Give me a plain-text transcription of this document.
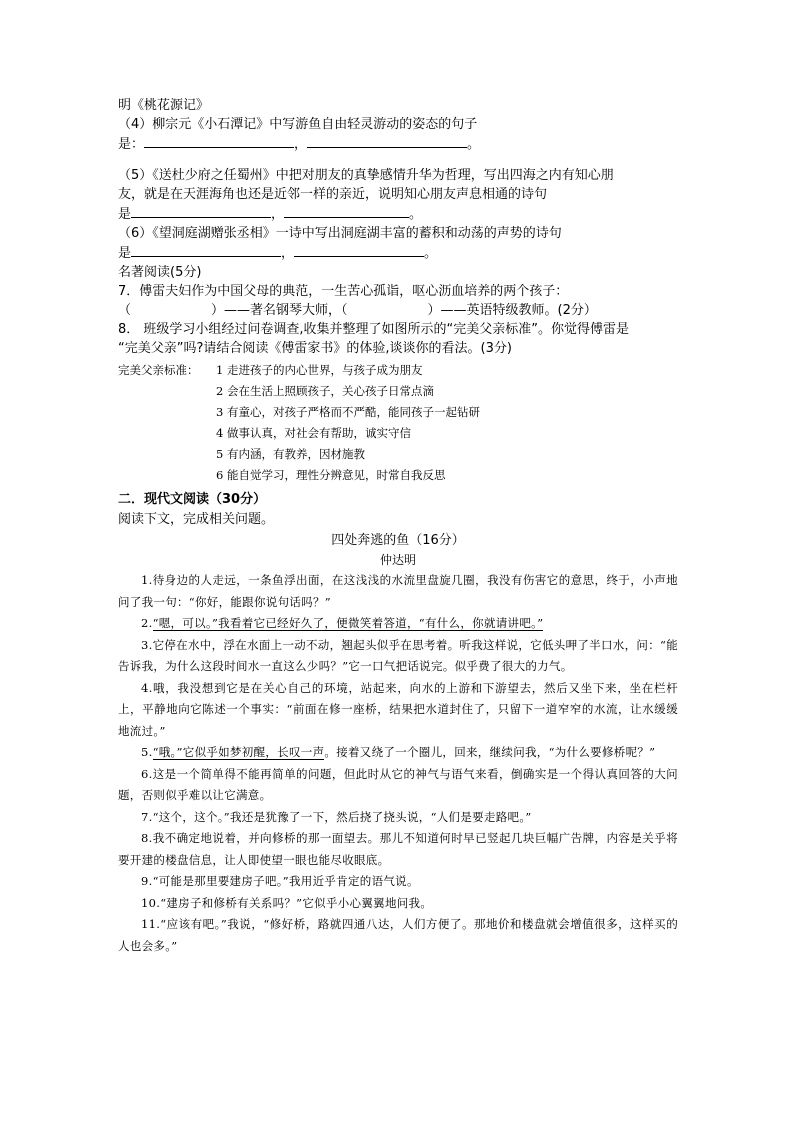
明《桃花源记》

（4）柳宗元《小石潭记》中写游鱼自由轻灵游动的姿态的句子

是：	，	。

（5）《送杜少府之任蜀州》中把对朋友的真挚感情升华为哲理，写出四海之内有知心朋

友，就是在天涯海角也还是近邻一样的亲近，说明知心朋友声息相通的诗句

是	，	。

（6）《望洞庭湖赠张丞相》一诗中写出洞庭湖丰富的蓄积和动荡的声势的诗句

是	，	。

名著阅读(5分)

7．傅雷夫妇作为中国父母的典范，一生苦心孤诣，呕心沥血培养的两个孩子：

（	）——著名钢琴大师，（	）——英语特级教师。(2分）

8． 班级学习小组经过问卷调查,收集并整理了如图所示的“完美父亲标准”。你觉得傅雷是

“完美父亲”吗?请结合阅读《傅雷家书》的体验,谈谈你的看法。(3分)

完美父亲标准：	1 走进孩子的内心世界，与孩子成为朋友
2 会在生活上照顾孩子，关心孩子日常点滴
3 有童心，对孩子严格而不严酷，能同孩子一起钻研
4 做事认真，对社会有帮助，诚实守信
5 有内涵，有教养，因材施教
6 能自觉学习，理性分辨意见，时常自我反思
二．现代文阅读（30分）

阅读下文，完成相关问题。

四处奔逃的鱼（16分）
仲达明

1.待身边的人走远，一条鱼浮出面，在这浅浅的水流里盘旋几圈，我没有伤害它的意思，终于，小声地问了我一句：“你好，能跟你说句话吗？”

2.“嗯，可以。”我看着它已经好久了，便微笑着答道，“有什么，你就请讲吧。”

3.它停在水中，浮在水面上一动不动，翘起头似乎在思考着。听我这样说，它低头呷了半口水，问：“能告诉我，为什么这段时间水一直这么少吗？”它一口气把话说完。似乎费了很大的力气。

4.哦，我没想到它是在关心自己的环境，站起来，向水的上游和下游望去，然后又坐下来，坐在栏杆上，平静地向它陈述一个事实：“前面在修一座桥，结果把水道封住了，只留下一道窄窄的水流，让水缓缓地流过。”

5.“哦。”它似乎如梦初醒，长叹一声。接着又绕了一个圈儿，回来，继续问我，“为什么要修桥呢？”

6.这是一个简单得不能再简单的问题，但此时从它的神气与语气来看，倒确实是一个得认真回答的大问题，否则似乎难以让它满意。

7.“这个，这个。”我还是犹豫了一下，然后挠了挠头说，“人们是要走路吧。”

8.我不确定地说着，并向修桥的那一面望去。那儿不知道何时早已竖起几块巨幅广告牌，内容是关乎将要开建的楼盘信息，让人即使望一眼也能尽收眼底。

9.“可能是那里要建房子吧。”我用近乎肯定的语气说。

10.“建房子和修桥有关系吗？”它似乎小心翼翼地问我。

11.“应该有吧。”我说，“修好桥，路就四通八达，人们方便了。那地价和楼盘就会增值很多，这样买的人也会多。”
